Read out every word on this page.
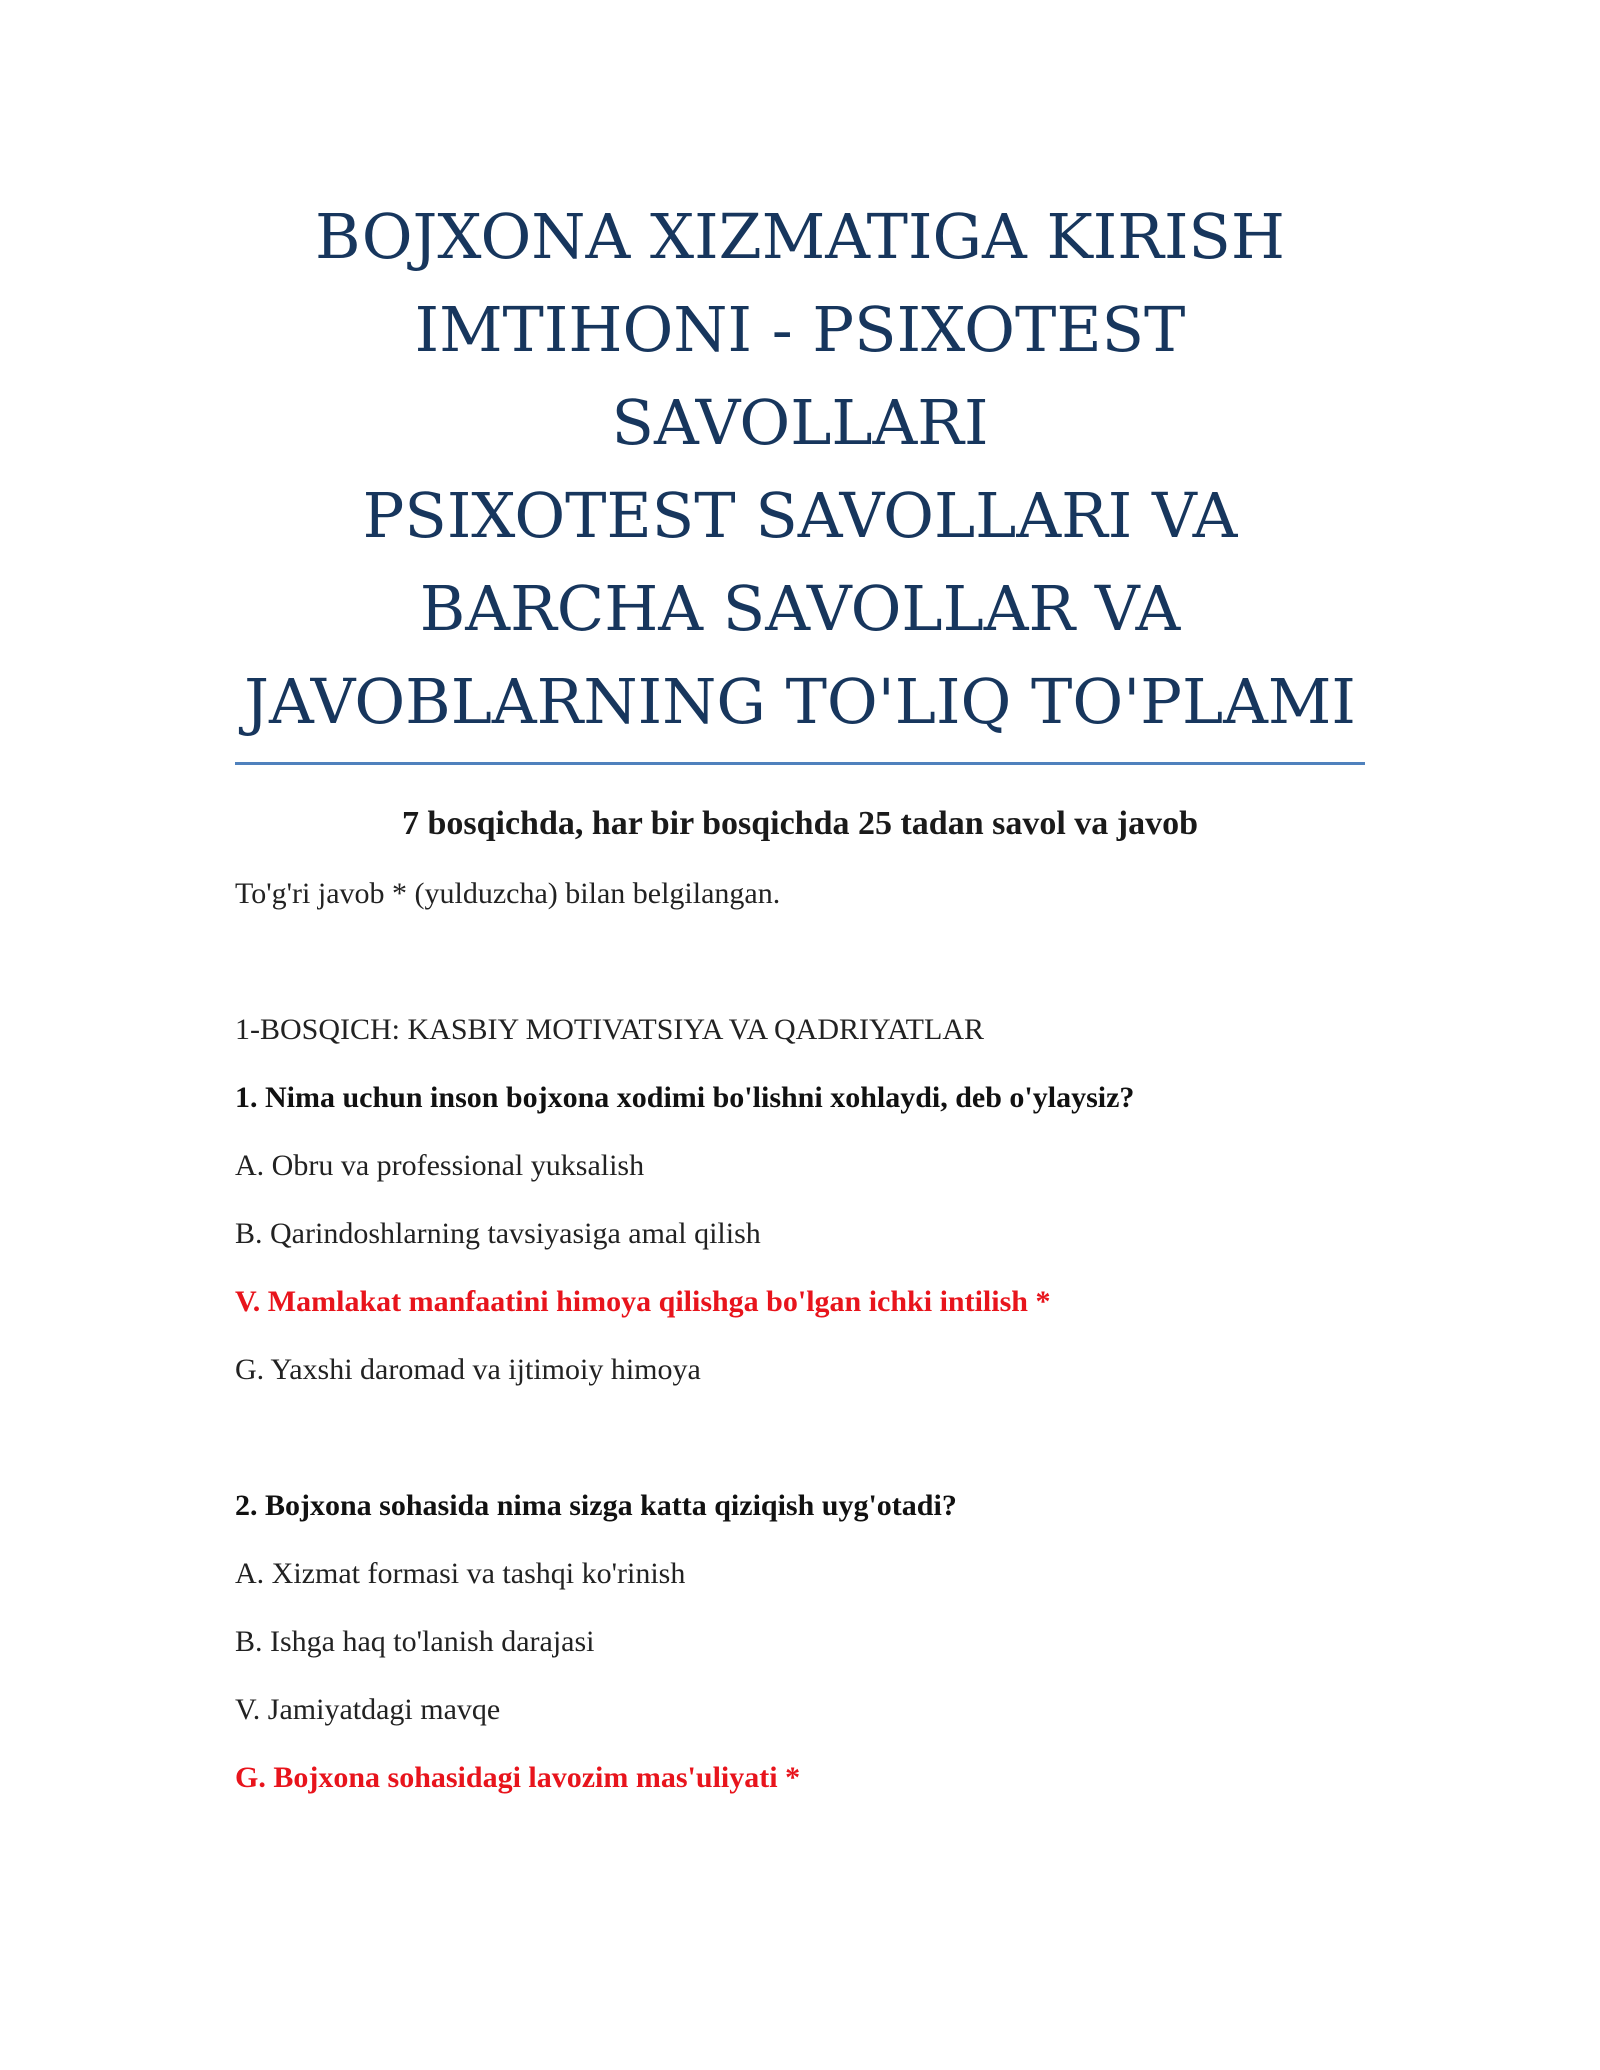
BOJXONA XIZMATIGA KIRISH
IMTIHONI - PSIXOTEST
SAVOLLARI
PSIXOTEST SAVOLLARI VA
BARCHA SAVOLLAR VA
JAVOBLARNING TO'LIQ TO'PLAMI

7 bosqichda, har bir bosqichda 25 tadan savol va javob

To'g'ri javob * (yulduzcha) bilan belgilangan.

1-BOSQICH: KASBIY MOTIVATSIYA VA QADRIYATLAR

1. Nima uchun inson bojxona xodimi bo'lishni xohlaydi, deb o'ylaysiz?

A. Obru va professional yuksalish

B. Qarindoshlarning tavsiyasiga amal qilish

V. Mamlakat manfaatini himoya qilishga bo'lgan ichki intilish *

G. Yaxshi daromad va ijtimoiy himoya

2. Bojxona sohasida nima sizga katta qiziqish uyg'otadi?

A. Xizmat formasi va tashqi ko'rinish

B. Ishga haq to'lanish darajasi

V. Jamiyatdagi mavqe

G. Bojxona sohasidagi lavozim mas'uliyati *
